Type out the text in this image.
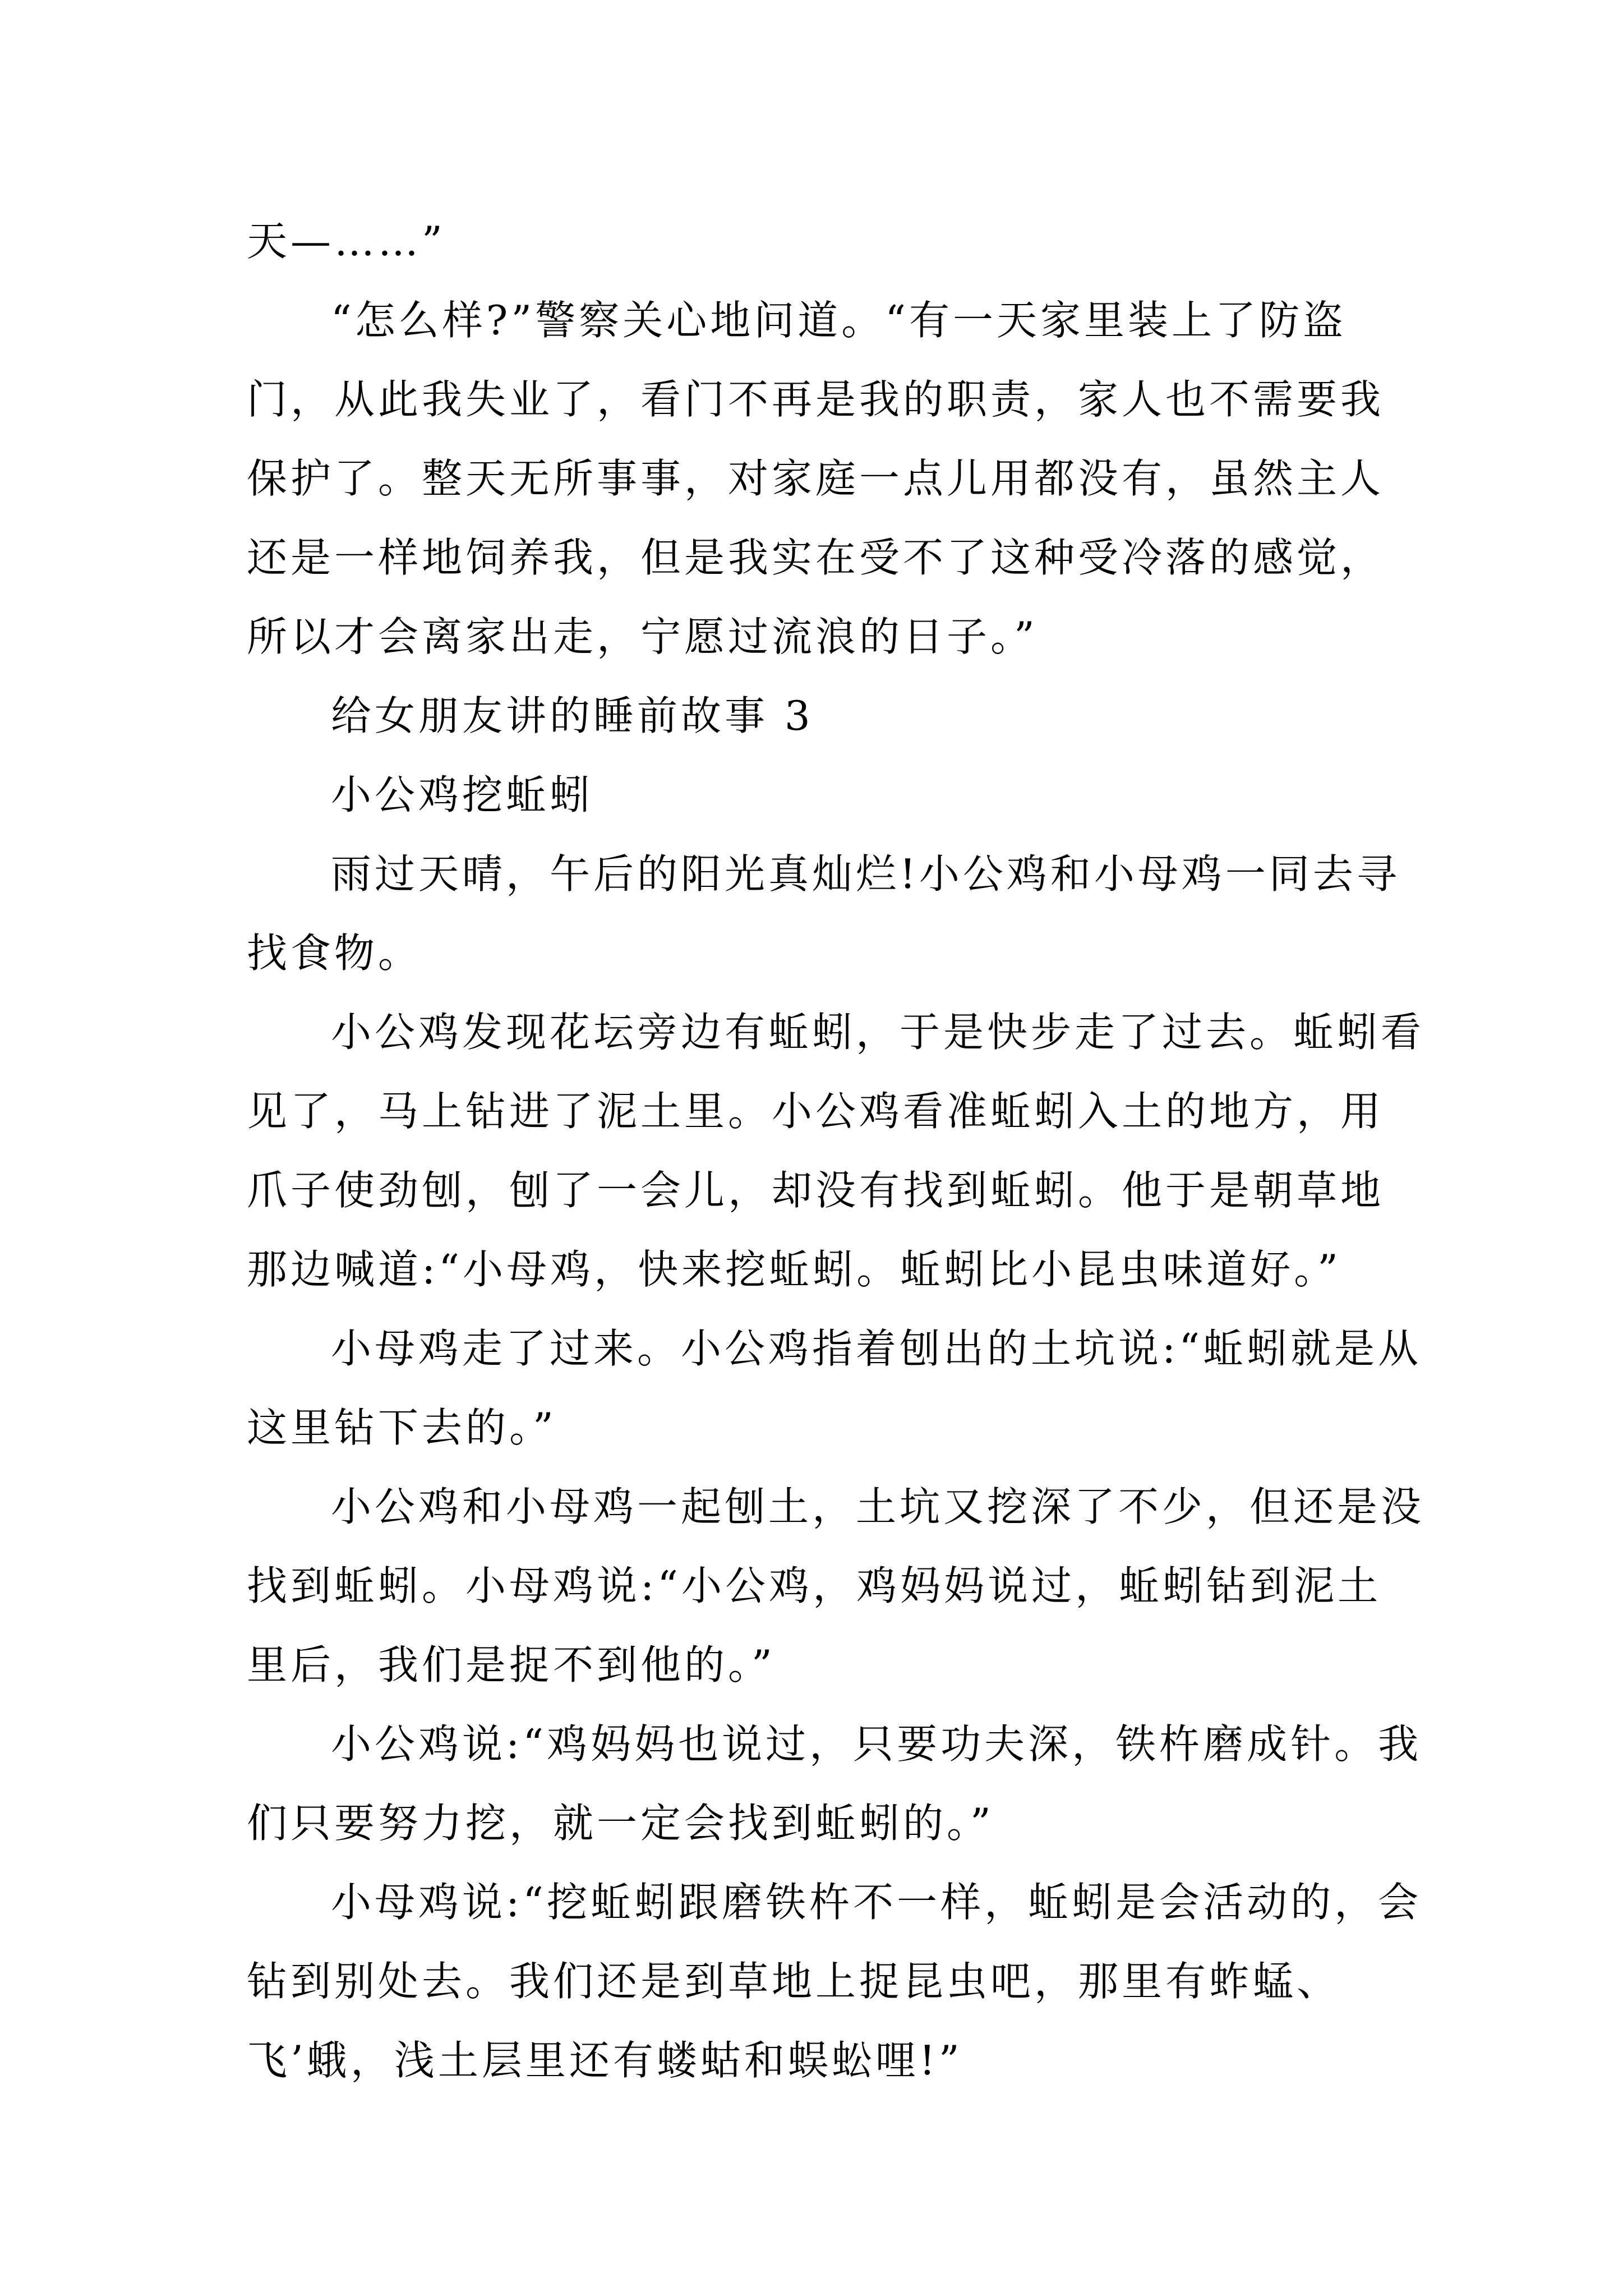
天—……”

“怎么样?”警察关心地问道。“有一天家里装上了防盗门，从此我失业了，看门不再是我的职责，家人也不需要我保护了。整天无所事事，对家庭一点儿用都没有，虽然主人还是一样地饲养我，但是我实在受不了这种受冷落的感觉，所以才会离家出走，宁愿过流浪的日子。”

给女朋友讲的睡前故事 3

小公鸡挖蚯蚓

雨过天晴，午后的阳光真灿烂!小公鸡和小母鸡一同去寻找食物。

小公鸡发现花坛旁边有蚯蚓，于是快步走了过去。蚯蚓看见了，马上钻进了泥土里。小公鸡看准蚯蚓入土的地方，用爪子使劲刨，刨了一会儿，却没有找到蚯蚓。他于是朝草地那边喊道:“小母鸡，快来挖蚯蚓。蚯蚓比小昆虫味道好。”

小母鸡走了过来。小公鸡指着刨出的土坑说:“蚯蚓就是从这里钻下去的。”

小公鸡和小母鸡一起刨土，土坑又挖深了不少，但还是没找到蚯蚓。小母鸡说:“小公鸡，鸡妈妈说过，蚯蚓钻到泥土里后，我们是捉不到他的。”

小公鸡说:“鸡妈妈也说过，只要功夫深，铁杵磨成针。我们只要努力挖，就一定会找到蚯蚓的。”

小母鸡说:“挖蚯蚓跟磨铁杵不一样，蚯蚓是会活动的，会钻到别处去。我们还是到草地上捉昆虫吧，那里有蚱蜢、飞’蛾，浅土层里还有蝼蛄和蜈蚣哩!”
